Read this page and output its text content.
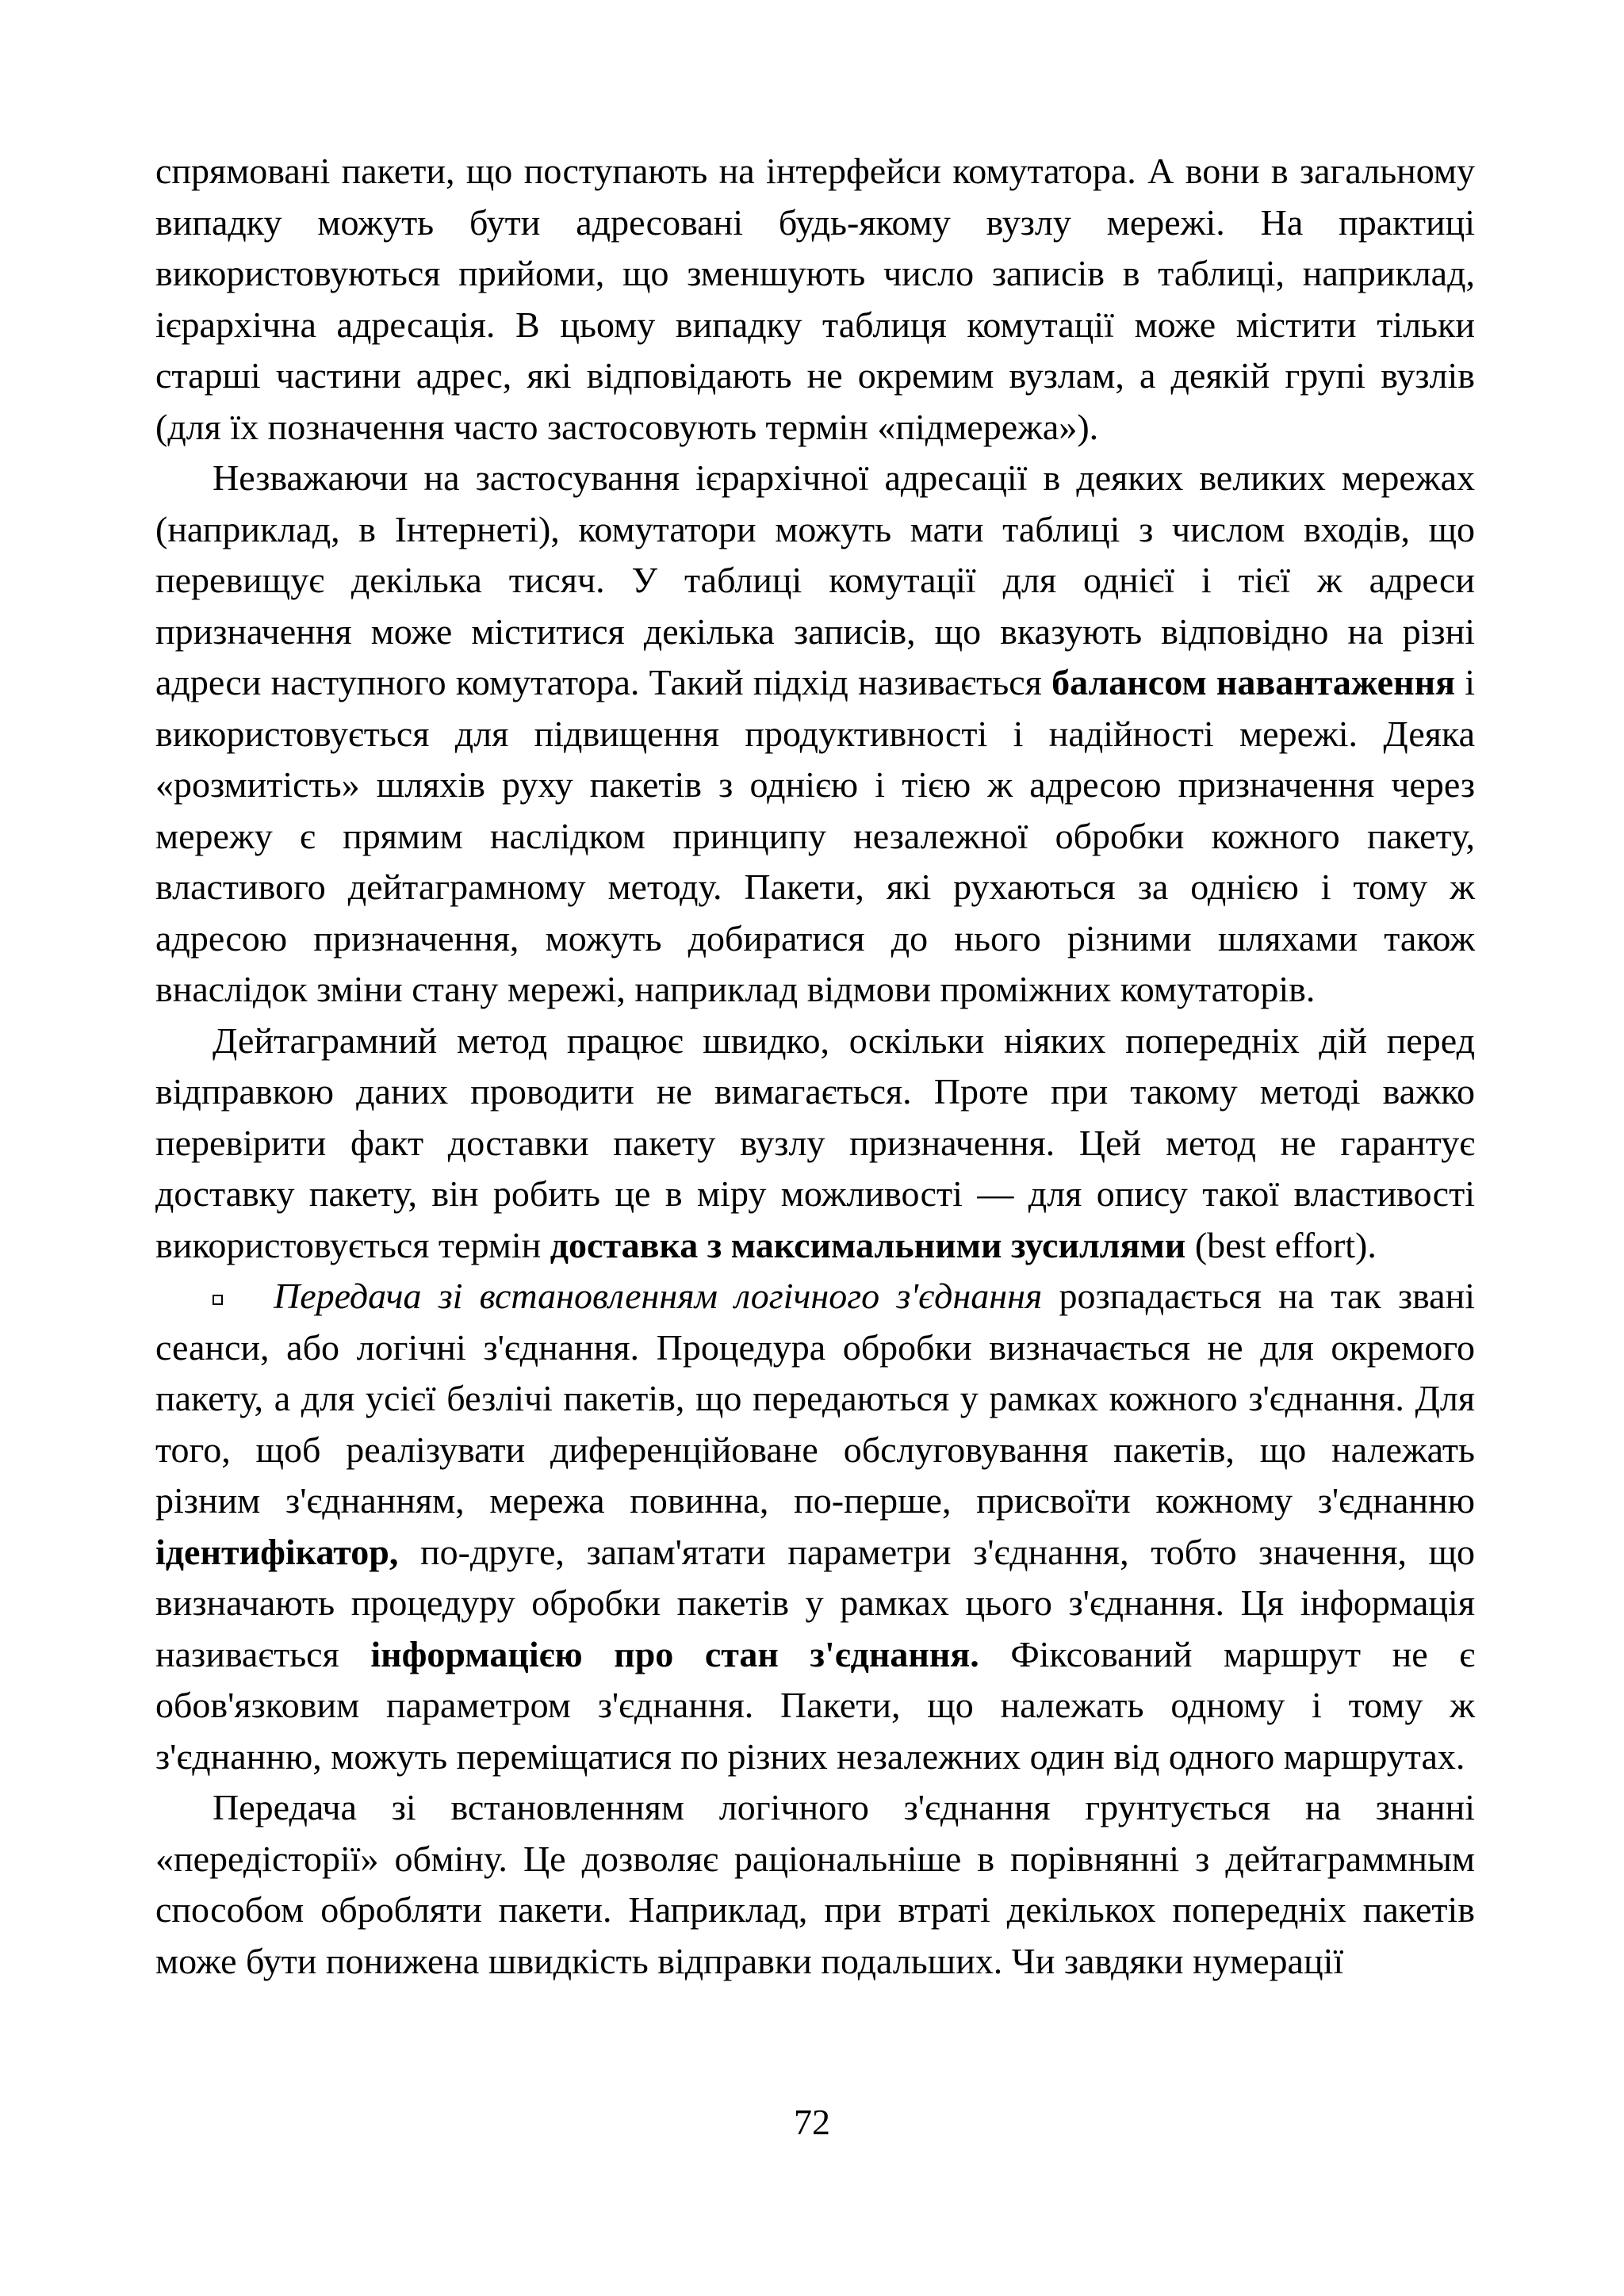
спрямовані пакети, що поступають на інтерфейси комутатора. А вони в загальному випадку можуть бути адресовані будь-якому вузлу мережі. На практиці використовуються прийоми, що зменшують число записів в таблиці, наприклад, ієрархічна адресація. В цьому випадку таблиця комутації може містити тільки старші частини адрес, які відповідають не окремим вузлам, а деякій групі вузлів (для їх позначення часто застосовують термін «підмережа»).

Незважаючи на застосування ієрархічної адресації в деяких великих мережах (наприклад, в Інтернеті), комутатори можуть мати таблиці з числом входів, що перевищує декілька тисяч. У таблиці комутації для однієї і тієї ж адреси призначення може міститися декілька записів, що вказують відповідно на різні адреси наступного комутатора. Такий підхід називається балансом навантаження і використовується для підвищення продуктивності і надійності мережі. Деяка «розмитість» шляхів руху пакетів з однією і тією ж адресою призначення через мережу є прямим наслідком принципу незалежної обробки кожного пакету, властивого дейтаграмному методу. Пакети, які рухаються за однією і тому ж адресою призначення, можуть добиратися до нього різними шляхами також внаслідок зміни стану мережі, наприклад відмови проміжних комутаторів.

Дейтаграмний метод працює швидко, оскільки ніяких попередніх дій перед відправкою даних проводити не вимагається. Проте при такому методі важко перевірити факт доставки пакету вузлу призначення. Цей метод не гарантує доставку пакету, він робить це в міру можливості — для опису такої властивості використовується термін доставка з максимальними зусиллями (best effort).

Передача зі встановленням логічного з'єднання розпадається на так звані сеанси, або логічні з'єднання. Процедура обробки визначається не для окремого пакету, а для усієї безлічі пакетів, що передаються у рамках кожного з'єднання. Для того, щоб реалізувати диференційоване обслуговування пакетів, що належать різним з'єднанням, мережа повинна, по-перше, присвоїти кожному з'єднанню ідентифікатор, по-друге, запам'ятати параметри з'єднання, тобто значення, що визначають процедуру обробки пакетів у рамках цього з'єднання. Ця інформація називається інформацією про стан з'єднання. Фіксований маршрут не є обов'язковим параметром з'єднання. Пакети, що належать одному і тому ж з'єднанню, можуть переміщатися по різних незалежних один від одного маршрутах.

Передача зі встановленням логічного з'єднання грунтується на знанні «передісторії» обміну. Це дозволяє раціональніше в порівнянні з дейтаграммным способом обробляти пакети. Наприклад, при втраті декількох попередніх пакетів може бути понижена швидкість відправки подальших. Чи завдяки нумерації

72
